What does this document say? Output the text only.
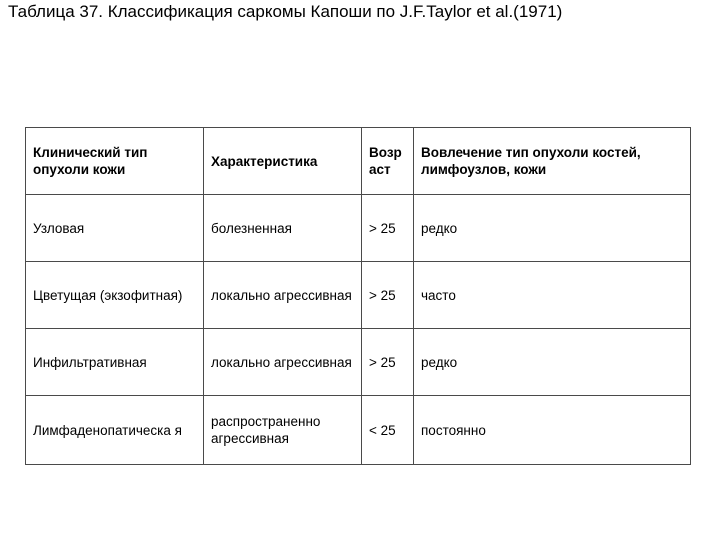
Таблица 37. Классификация саркомы Капоши по J.F.Taylor et al.(1971)
Клинический тип опухоли кожи	Характеристика	Возр аст	Вовлечение тип опухоли костей, лимфоузлов, кожи
Узловая	болезненная	> 25	редко
Цветущая (экзофитная)	локально агрессивная	> 25	часто
Инфильтративная	локально агрессивная	> 25	редко
Лимфаденопатическа я	распространенно агрессивная	< 25	постоянно
